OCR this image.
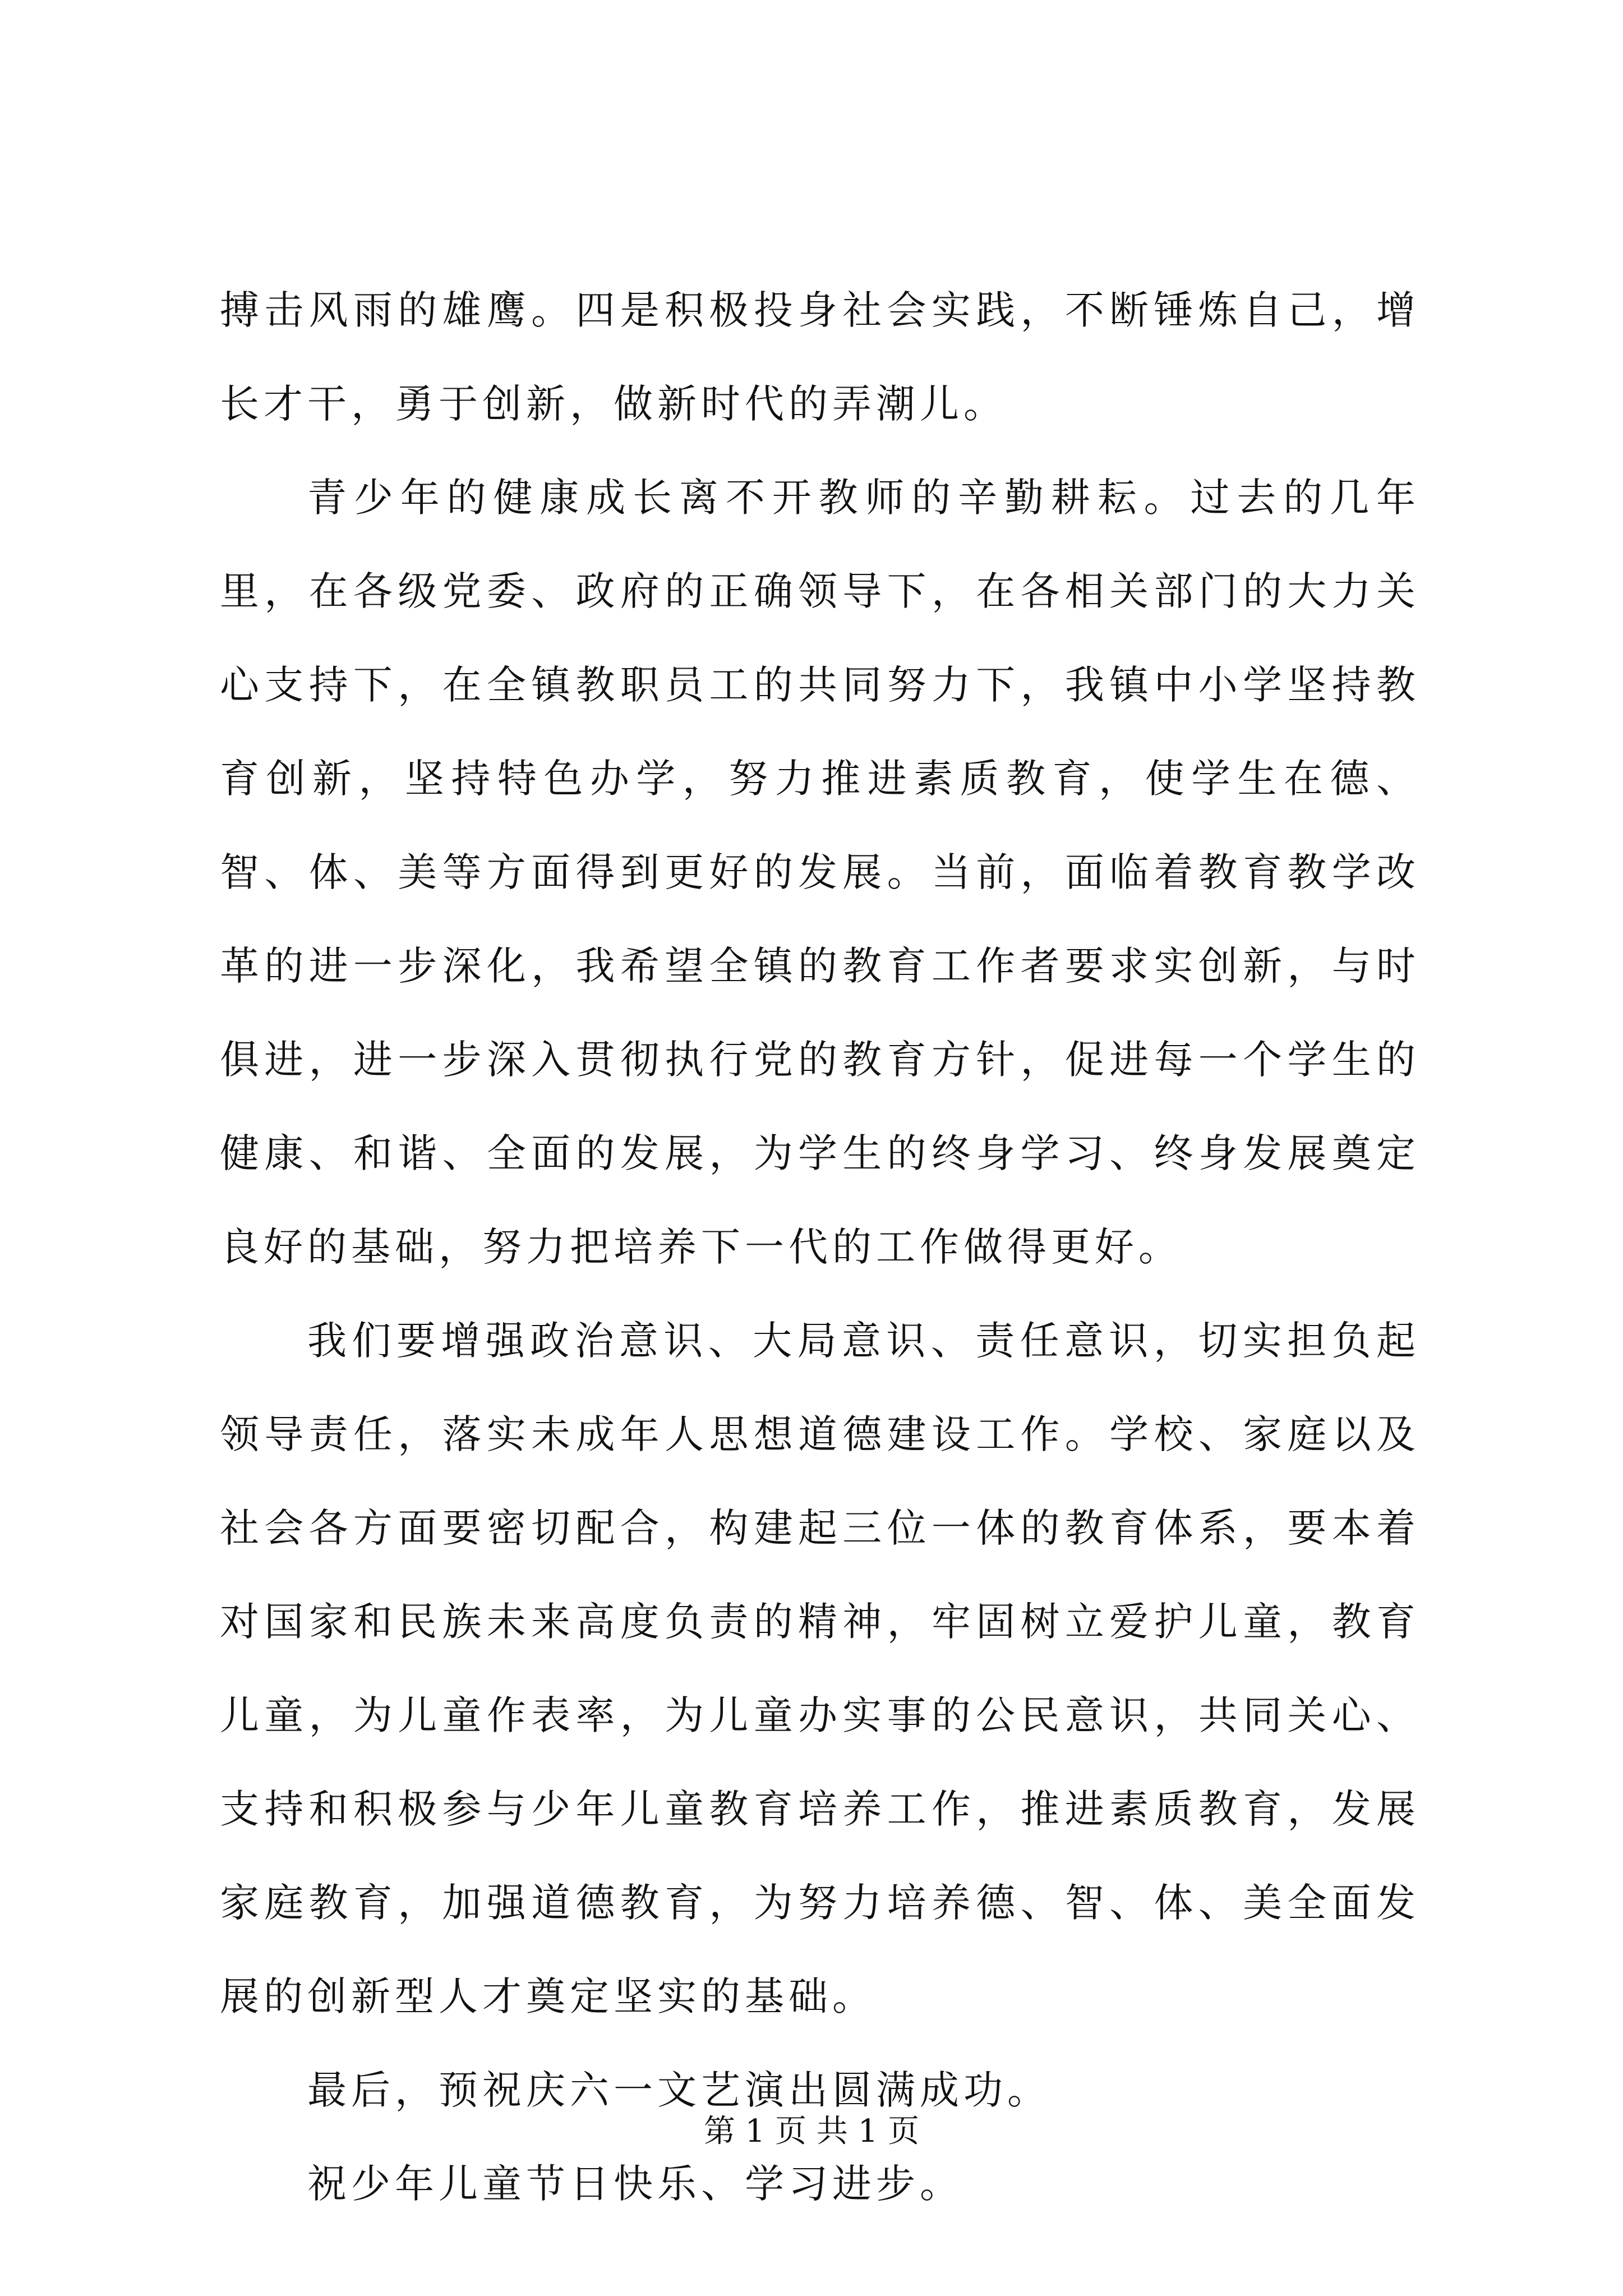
搏击风雨的雄鹰。四是积极投身社会实践，不断锤炼自己，增长才干，勇于创新，做新时代的弄潮儿。

青少年的健康成长离不开教师的辛勤耕耘。过去的几年里，在各级党委、政府的正确领导下，在各相关部门的大力关心支持下，在全镇教职员工的共同努力下，我镇中小学坚持教育创新，坚持特色办学，努力推进素质教育，使学生在德、智、体、美等方面得到更好的发展。当前，面临着教育教学改革的进一步深化，我希望全镇的教育工作者要求实创新，与时俱进，进一步深入贯彻执行党的教育方针，促进每一个学生的健康、和谐、全面的发展，为学生的终身学习、终身发展奠定良好的基础，努力把培养下一代的工作做得更好。

我们要增强政治意识、大局意识、责任意识，切实担负起领导责任，落实未成年人思想道德建设工作。学校、家庭以及社会各方面要密切配合，构建起三位一体的教育体系，要本着对国家和民族未来高度负责的精神，牢固树立爱护儿童，教育儿童，为儿童作表率，为儿童办实事的公民意识，共同关心、支持和积极参与少年儿童教育培养工作，推进素质教育，发展家庭教育，加强道德教育，为努力培养德、智、体、美全面发展的创新型人才奠定坚实的基础。

最后，预祝庆六一文艺演出圆满成功。

祝少年儿童节日快乐、学习进步。

第 1 页 共 1 页
